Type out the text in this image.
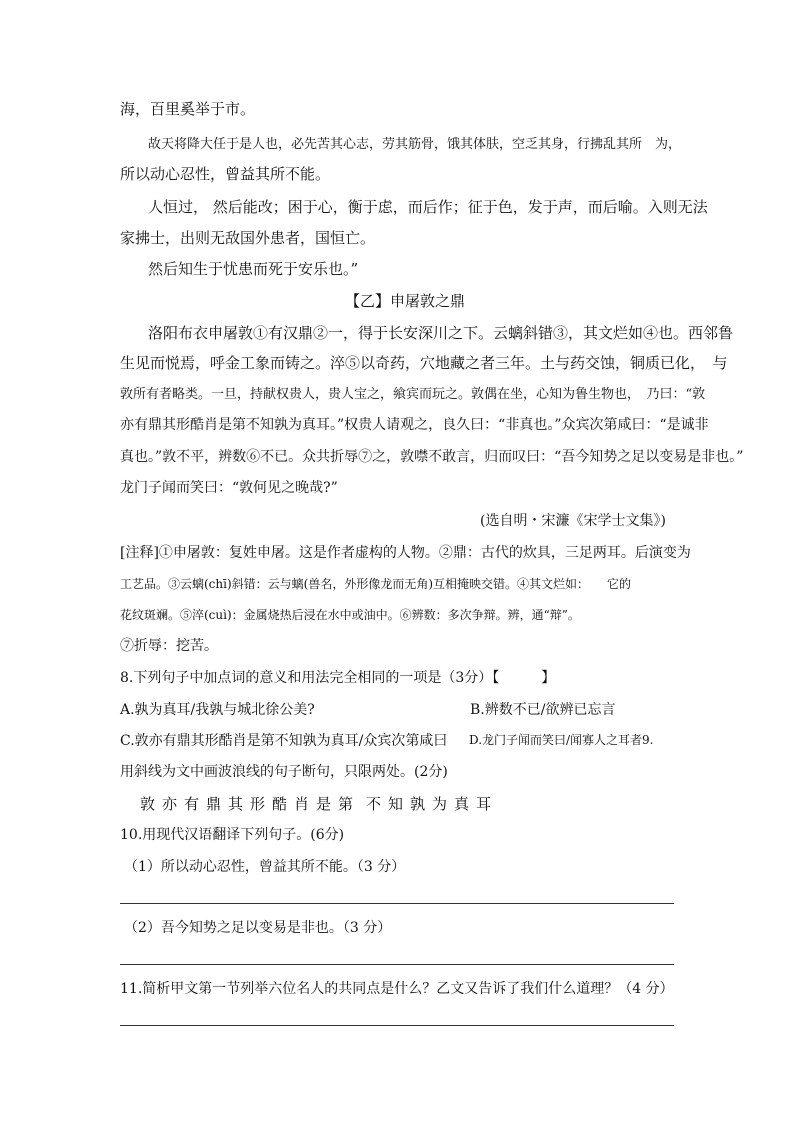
海，百里奚举于市。
故天将降大任于是人也，必先苦其心志，劳其筋骨，饿其体肤，空乏其身，行拂乱其所　为，
所以动心忍性，曾益其所不能。
人恒过， 然后能改；困于心，衡于虑，而后作；征于色，发于声，而后喻。入则无法
家拂士，出则无敌国外患者，国恒亡。
然后知生于忧患而死于安乐也。”
【乙】申屠敦之鼎
洛阳布衣申屠敦①有汉鼎②一，得于长安深川之下。云螭斜错③，其文烂如④也。西邻鲁
生见而悦焉，呼金工象而铸之。淬⑤以奇药，穴地藏之者三年。土与药交蚀，铜质已化，　与
敦所有者略类。一旦，持献权贵人，贵人宝之，飨宾而玩之。敦偶在坐，心知为鲁生物也，　乃曰：“敦
亦有鼎其形酷肖是第不知孰为真耳。”权贵人请观之，良久曰：“非真也。”众宾次第咸曰：“是诚非
真也。”敦不平，辨数⑥不已。众共折辱⑦之，敦噤不敢言，归而叹曰：“吾今知势之足以变易是非也。”
龙门子闻而笑曰：“敦何见之晚哉?”
(选自明・宋濂《宋学士文集》)
[注释]①申屠敦：复姓申屠。这是作者虚构的人物。②鼎：古代的炊具，三足两耳。后演变为
工艺品。③云螭(chī)斜错：云与螭(兽名，外形像龙而无角)互相掩映交错。④其文烂如：　　它的
花纹斑斓。⑤淬(cuì)：金属烧热后浸在水中或油中。⑥辨数：多次争辩。辨，通“辩”。
⑦折辱：挖苦。
8.下列句子中加点词的意义和用法完全相同的一项是（3分）【	】
A.孰为真耳/我孰与城北徐公美?	B.辨数不已/欲辨已忘言
C.敦亦有鼎其形酷肖是第不知孰为真耳/众宾次第咸曰 D.龙门子闻而笑曰/闻寡人之耳者9.
用斜线为文中画波浪线的句子断句，只限两处。(2分)
敦 亦 有 鼎 其 形 酷 肖 是 第 不 知 孰 为 真 耳
10.用现代汉语翻译下列句子。(6分)
（1）所以动心忍性，曾益其所不能。（3 分）
（2）吾今知势之足以变易是非也。（3 分）
11.简析甲文第一节列举六位名人的共同点是什么？乙文又告诉了我们什么道理？（4 分）
